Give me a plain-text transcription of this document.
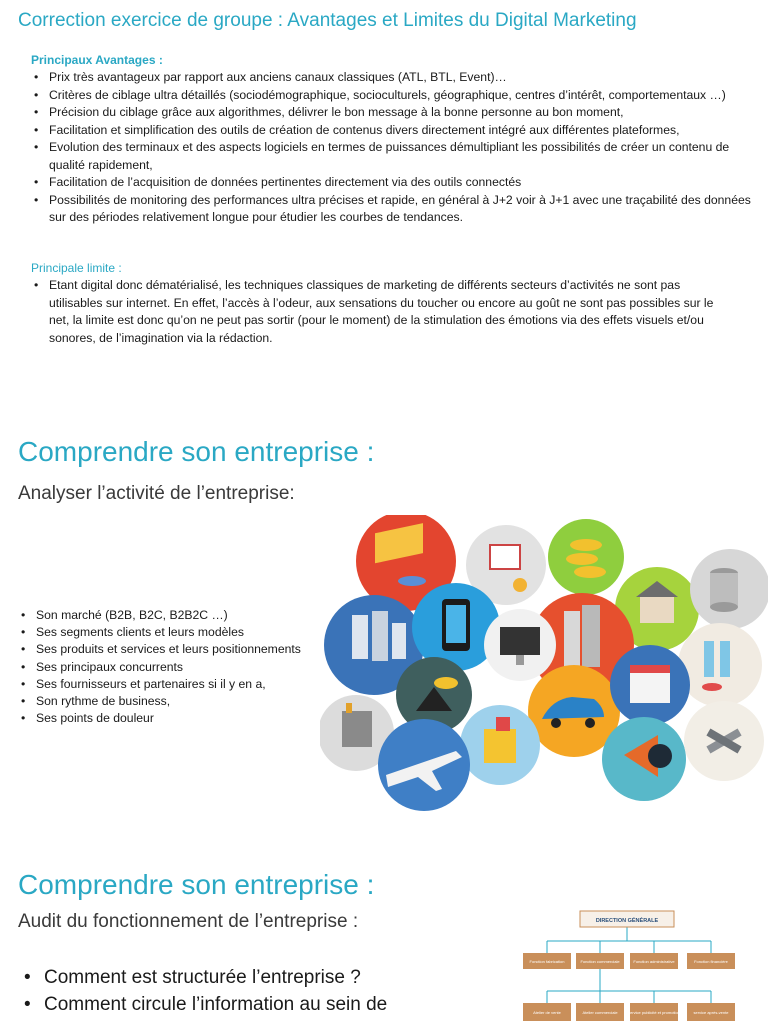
Correction exercice de groupe : Avantages et Limites du Digital Marketing
Principaux Avantages :
• Prix très avantageux par rapport aux anciens canaux classiques (ATL, BTL, Event)…
• Critères de ciblage ultra détaillés (sociodémographique, socioculturels, géographique, centres d’intérêt, comportementaux …)
• Précision du ciblage grâce aux algorithmes, délivrer le bon message à la bonne personne au bon moment,
• Facilitation et simplification des outils de création de contenus divers directement intégré aux différentes plateformes,
• Evolution des terminaux et des aspects logiciels en termes de puissances démultipliant les possibilités de créer un contenu de qualité rapidement,
• Facilitation de l’acquisition de données pertinentes directement via des outils connectés
• Possibilités de monitoring des performances ultra précises et rapide, en général à J+2 voir à J+1 avec une traçabilité des données sur des périodes relativement longue pour étudier les courbes de tendances.
Principale limite :
• Etant digital donc dématérialisé, les techniques classiques de marketing de différents secteurs d’activités ne sont pas utilisables sur internet. En effet, l’accès à l’odeur, aux sensations du toucher ou encore au goût ne sont pas possibles sur le net, la limite est donc qu’on ne peut pas sortir (pour le moment) de la stimulation des émotions via des effets visuels et/ou sonores, de l’imagination via la rédaction.
Comprendre son entreprise :
Analyser l’activité de l’entreprise:
• Son marché (B2B, B2C, B2B2C …)
• Ses segments clients et leurs modèles
• Ses produits et services et leurs positionnements
• Ses principaux concurrents
• Ses fournisseurs et partenaires si il y en a,
• Son rythme de business,
• Ses points de douleur
Comprendre son entreprise :
Audit du fonctionnement de l’entreprise :
• Comment est structurée l’entreprise ?
• Comment circule l’information au sein de
DIRECTION GÉNÉRALE
Fonction fabrication	Fonction commerciale	Fonction administrative	Fonction financière
Atelier de vente	Atelier commerciale	service publicité et promotion	service après-vente
